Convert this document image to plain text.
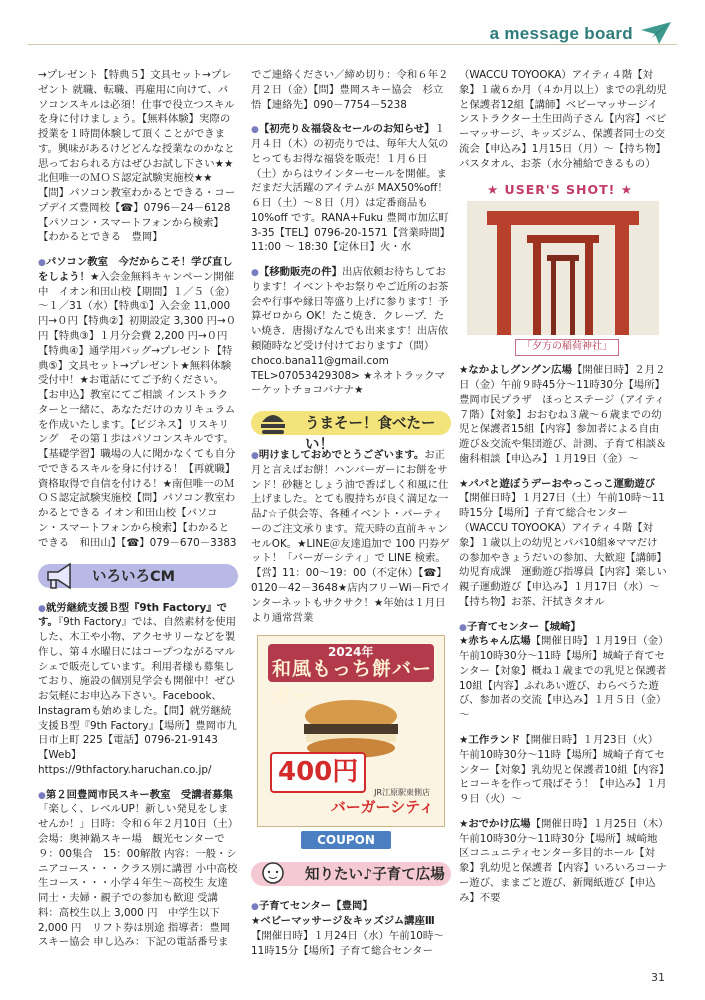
a message board

→プレゼント【特典５】文具セット→プレゼント 就職、転職、再雇用に向けて、パソコンスキルは必須！仕事で役立つスキルを身に付けましょう。【無料体験】実際の授業を１時間体験して頂くことができます。興味があるけどどんな授業なのかなと思っておられる方はぜひお試し下さい★★北但唯一のＭＯＳ認定試験実施校★★【問】パソコン教室わかるとできる・コープデイズ豊岡校【☎】0796－24－6128【パソコン・スマートフォンから検索】【わかるとできる　豊岡】

●パソコン教室　今だからこそ！学び直しをしよう！★入会金無料キャンペーン開催中　イオン和田山校【期間】１／５（金）～１／31（水）【特典①】入会金 11,000 円→０円【特典②】初期設定 3,300 円→０円【特典③】１月分会費 2,200 円→０円【特典④】通学用バッグ→プレゼント【特典⑤】文具セット→プレゼント★無料体験受付中！★お電話にてご予約ください。【お申込】教室にてご相談 インストラクターと一緒に、あなただけのカリキュラムを作成いたします。【ビジネス】リスキリング　その第１歩はパソコンスキルです。【基礎学習】職場の人に聞かなくても自分でできるスキルを身に付ける！【再就職】資格取得で自信を付ける！★南但唯一のＭＯＳ認定試験実施校【問】パソコン教室わかるとできる イオン和田山校【パソコン・スマートフォンから検索】【わかるとできる　和田山】【☎】079－670－3383

いろいろCM

●就労継続支援Ｂ型『9th Factory』です。『9th Factory』では、自然素材を使用した、木工や小物、アクセサリーなどを製作し、第４水曜日にはコープつながるマルシェで販売しています。利用者様も募集しており、施設の個別見学会も開催中！ぜひお気軽にお申込み下さい。Facebook、Instagramも始めました。【問】就労継続支援Ｂ型『9th Factory』【場所】豊岡市九日市上町 225【電話】0796-21-9143【Web】https://9thfactory.haruchan.co.jp/

●第２回豊岡市民スキー教室　受講者募集「楽しく、レベルUP！新しい発見をしませんか！」日時：令和６年２月10日（土）会場：奥神鍋スキー場　観光センターで９：00集合　15：00解散 内容：一般・シニアコース・・・クラス別に講習 小中高校生コース・・・小学４年生～高校生 友達同士・夫婦・親子での参加も歓迎 受講料：高校生以上 3,000 円　中学生以下 2,000 円　リフト券は別途 指導者：豊岡スキー協会 申し込み：下記の電話番号ま

でご連絡ください／締め切り：令和６年２月２日（金）【問】豊岡スキー協会　杉立悟【連絡先】090－7754－5238

●【初売り＆福袋＆セールのお知らせ】１月４日（木）の初売りでは、毎年大人気のとってもお得な福袋を販売！１月６日（土）からはウインターセールを開催。まだまだ大活躍のアイテムが MAX50%off！６日（土）～８日（月）は定番商品も 10%off です。RANA+Fuku 豊岡市加広町 3-35【TEL】0796-20-1571【営業時間】11:00 ～ 18:30【定休日】火・水

●【移動販売の件】出店依頼お待ちしております！イベントやお祭りやご近所のお茶会や行事や縁日等盛り上げに参ります！予算ゼロから OK！たこ焼き．クレープ．たい焼き．唐揚げなんでも出来ます！出店依頼随時など受け付けております♪（問）choco.bana11@gmail.com TEL>07053429308> ★ネオトラックマーケットチョコバナナ★

うまそー！食べたーい！

●明けましておめでとうございます。お正月と言えばお餅！ハンバーガーにお餅をサンド！砂糖としょう油で香ばしく和風に仕上げました。とても腹持ちが良く満足な一品♪☆子供会等、各種イベント・パーティーのご注文承ります。荒天時の直前キャンセルOK。★LINE＠友達追加で 100 円券ゲット！「バーガーシティ」で LINE 検索。【営】11：00～19：00（不定休）【☎】0120－42－3648★店内フリーWi－Fiでインターネットもサクサク！★年始は１月日より通常営業

2024年
和風もっち餅バーガー
400円
JR江原駅東側店
バーガーシティ
COUPON
知りたい♪子育て広場

●子育てセンター【豊岡】
★ベビーマッサージ＆キッズジム講座Ⅲ
【開催日時】１月24日（水）午前10時～11時15分【場所】子育て総合センター

（WACCU TOYOOKA）アイティ４階【対象】１歳６か月（４か月以上）までの乳幼児と保護者12組【講師】ベビーマッサージインストラクター土生田尚子さん【内容】ベビーマッサージ、キッズジム、保護者同士の交流会【申込み】1月15日（月）～【持ち物】バスタオル、お茶（水分補給できるもの）

★ USER'S SHOT! ★
「夕方の稲荷神社」

★なかよしグングン広場【開催日時】２月２日（金）午前９時45分～11時30分【場所】豊岡市民プラザ　ほっとステージ（アイティ７階）【対象】おおむね３歳～６歳までの幼児と保護者15組【内容】参加者による自由遊び＆交流や集団遊び、計測、子育て相談＆歯科相談【申込み】１月19日（金）～

★パパと遊ぼうデーおやっこっこ運動遊び【開催日時】１月27日（土）午前10時～11時15分【場所】子育て総合センター（WACCU TOYOOKA）アイティ４階【対象】１歳以上の幼児とパパ10組※ママだけの参加やきょうだいの参加、大歓迎【講師】幼児育成課　運動遊び指導員【内容】楽しい親子運動遊び【申込み】１月17日（水）～【持ち物】お茶、汗拭きタオル

●子育てセンター【城崎】
★赤ちゃん広場【開催日時】１月19日（金）午前10時30分～11時【場所】城崎子育てセンター【対象】概ね１歳までの乳児と保護者10組【内容】ふれあい遊び、わらべうた遊び、参加者の交流【申込み】１月５日（金）～

★工作ランド【開催日時】１月23日（火）午前10時30分～11時【場所】城崎子育てセンター【対象】乳幼児と保護者10組【内容】ヒコーキを作って飛ばそう！【申込み】１月９日（火）～

★おでかけ広場【開催日時】１月25日（木）午前10時30分～11時30分【場所】城崎地区コニュニティセンター多目的ホール【対象】乳幼児と保護者【内容】いろいろコーナー遊び、ままごと遊び、新聞紙遊び【申込み】不要

31
